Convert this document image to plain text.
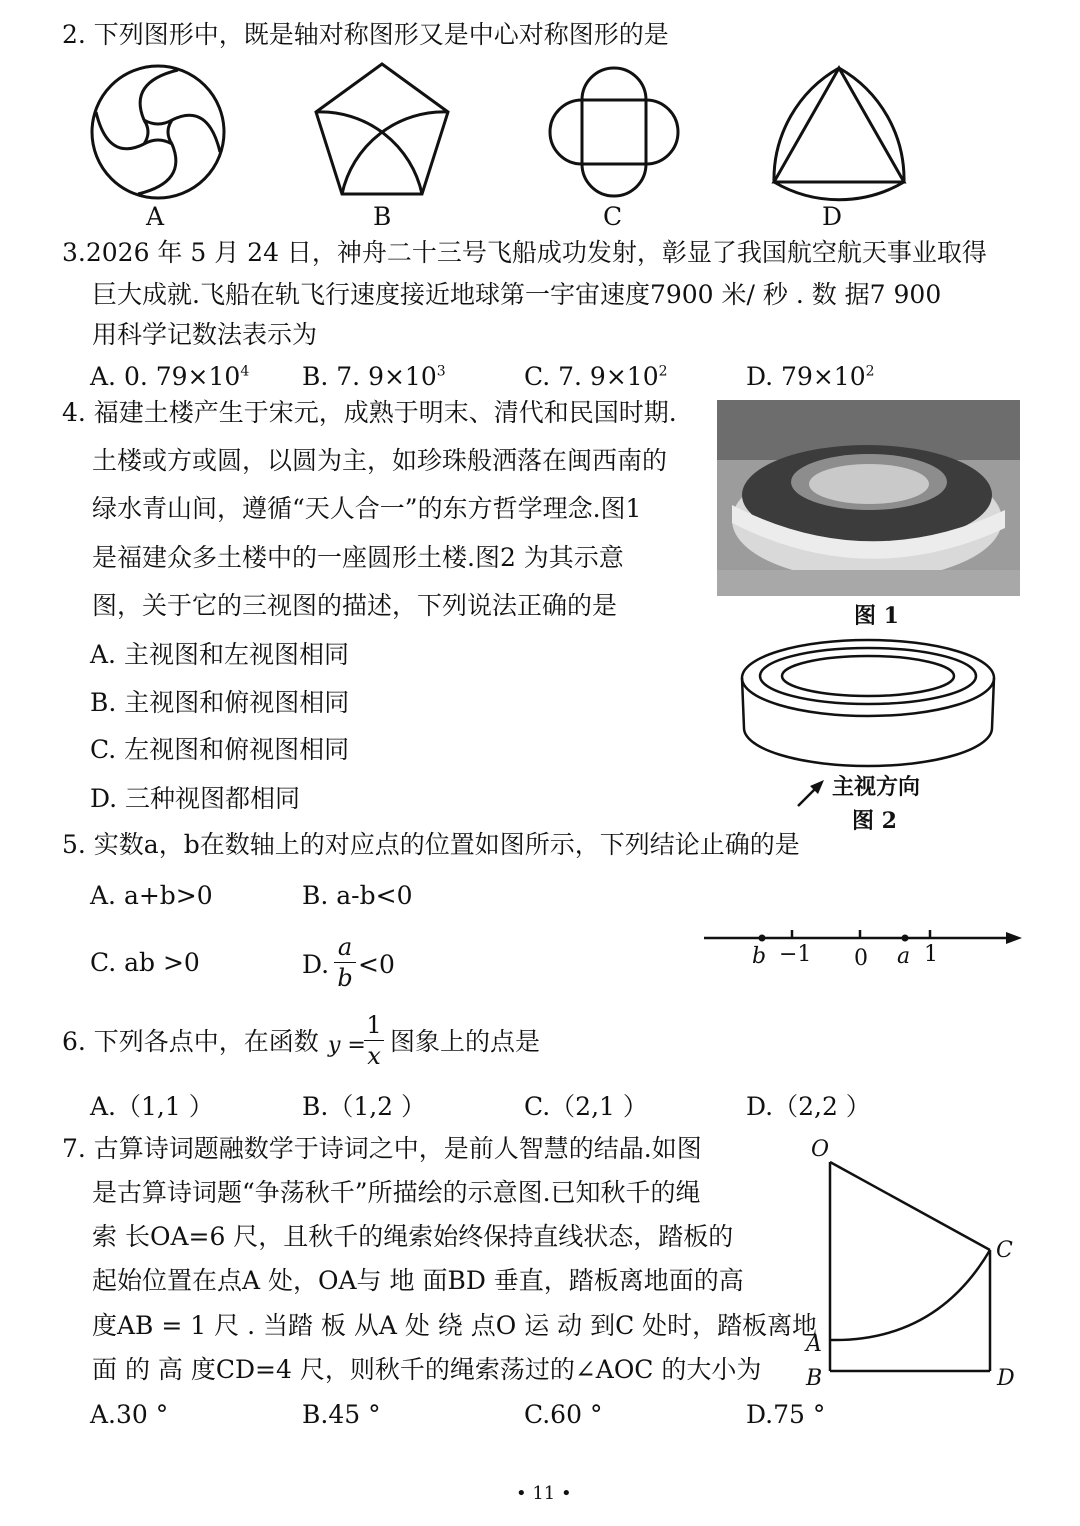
2. 下列图形中，既是轴对称图形又是中心对称图形的是
A	B	C	D
3.2026 年 5 月 24 日，神舟二十三号飞船成功发射，彰显了我国航空航天事业取得
巨大成就.飞船在轨飞行速度接近地球第一宇宙速度7900 米/ 秒 . 数 据7 900
用科学记数法表示为
A. 0. $79\times 10^4$ B. 7. $9\times 10^3$	C. 7. $9\times 10^2$	D. $79\times 10^2$
4. 福建土楼产生于宋元，成熟于明末、清代和民国时期.
土楼或方或圆，以圆为主，如珍珠般洒落在闽西南的
绿水青山间，遵循“天人合一”的东方哲学理念.图1
是福建众多土楼中的一座圆形土楼.图2 为其示意
图，关于它的三视图的描述，下列说法正确的是
A. 主视图和左视图相同
B. 主视图和俯视图相同
C. 左视图和俯视图相同
D. 三种视图都相同
图 1
主视方向
图 2
5. 实数a，b在数轴上的对应点的位置如图所示，下列结论止确的是
A. a+b>0	B. a-b<0
C. ab >0	D.
a
b <0	b −1 0 a 1
6. 下列各点中，在函数 y =
1
x 图象上的点是
A.（1,1 ）	B.（1,2 ）	C.（2,1 ）	D.（2,2 ）
7. 古算诗词题融数学于诗词之中，是前人智慧的结晶.如图
是古算诗词题“争荡秋千”所描绘的示意图.已知秋千的绳
索 长OA=6 尺，且秋千的绳索始终保持直线状态，踏板的
起始位置在点A 处，OA与 地 面BD 垂直，踏板离地面的高
度AB = 1 尺 . 当踏 板 从A 处 绕 点O 运 动 到C 处时，踏板离地
面 的 高 度CD=4 尺，则秋千的绳索荡过的∠AOC 的大小为
A.30 °	B.45 °	C.60 °	D.75 °
O
C
A
B	D
• 11 •
